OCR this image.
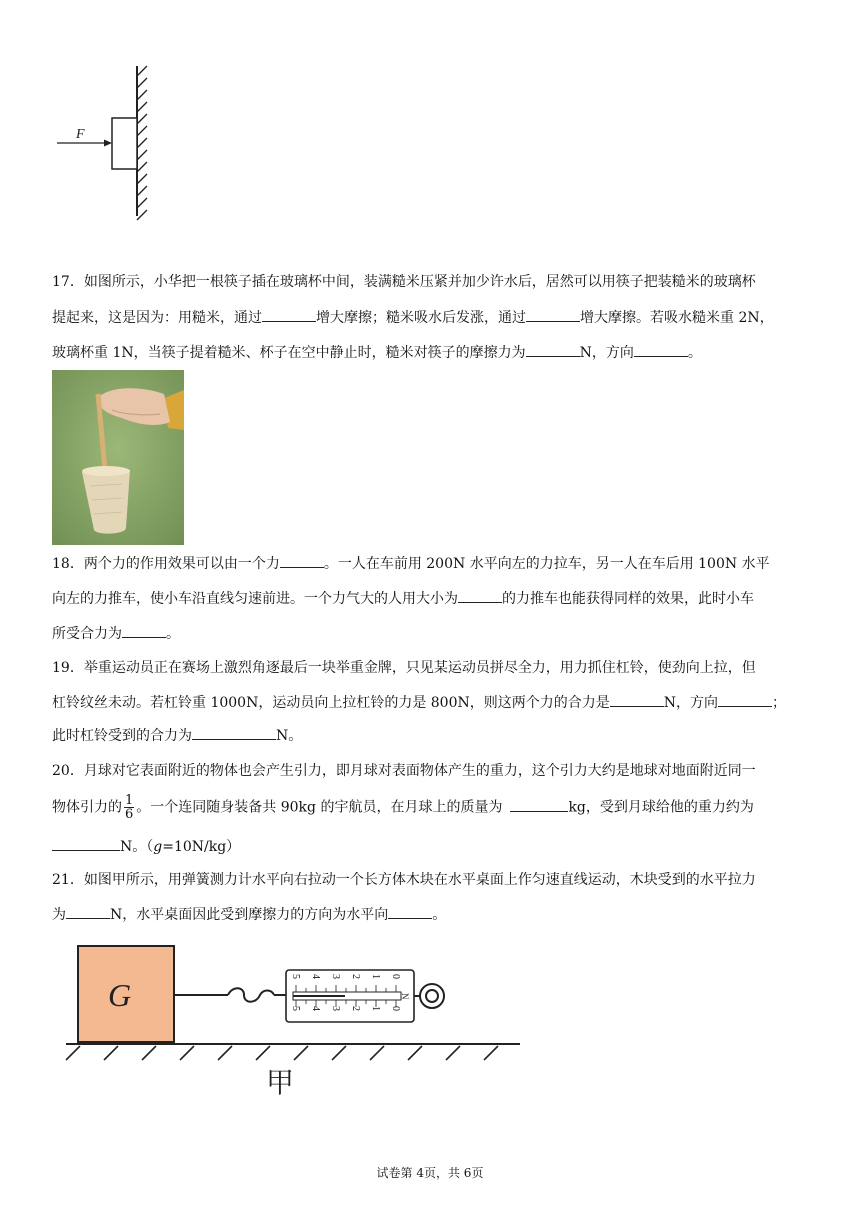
F
17．如图所示，小华把一根筷子插在玻璃杯中间，装满糙米压紧并加少许水后，居然可以用筷子把装糙米的玻璃杯
提起来，这是因为：用糙米，通过	增大摩擦；糙米吸水后发涨，通过	增大摩擦。若吸水糙米重 2N，
玻璃杯重 1N，当筷子提着糙米、杯子在空中静止时，糙米对筷子的摩擦力为	N，方向	。
18．两个力的作用效果可以由一个力	。一人在车前用 200N 水平向左的力拉车，另一人在车后用 100N 水平
向左的力推车，使小车沿直线匀速前进。一个力气大的人用大小为	的力推车也能获得同样的效果，此时小车
所受合力为	。
19．举重运动员正在赛场上激烈角逐最后一块举重金牌，只见某运动员拼尽全力，用力抓住杠铃，使劲向上拉，但
杠铃纹丝未动。若杠铃重 1000N，运动员向上拉杠铃的力是 800N，则这两个力的合力是	N，方向	；
此时杠铃受到的合力为	N。
20．月球对它表面附近的物体也会产生引力，即月球对表面物体产生的重力，这个引力大约是地球对地面附近同一
物体引力的 $\frac{1}{6}$ 。一个连同随身装备共 90kg 的宇航员，在月球上的质量为	kg，受到月球给他的重力约为
N。（g=10N/kg）
21．如图甲所示，用弹簧测力计水平向右拉动一个长方体木块在水平桌面上作匀速直线运动，木块受到的水平拉力
为	N，水平桌面因此受到摩擦力的方向为水平向	。
G
0
0
1
1
2
2
3
3
4
4
5
5
N
甲
试卷第 4页，共 6页
